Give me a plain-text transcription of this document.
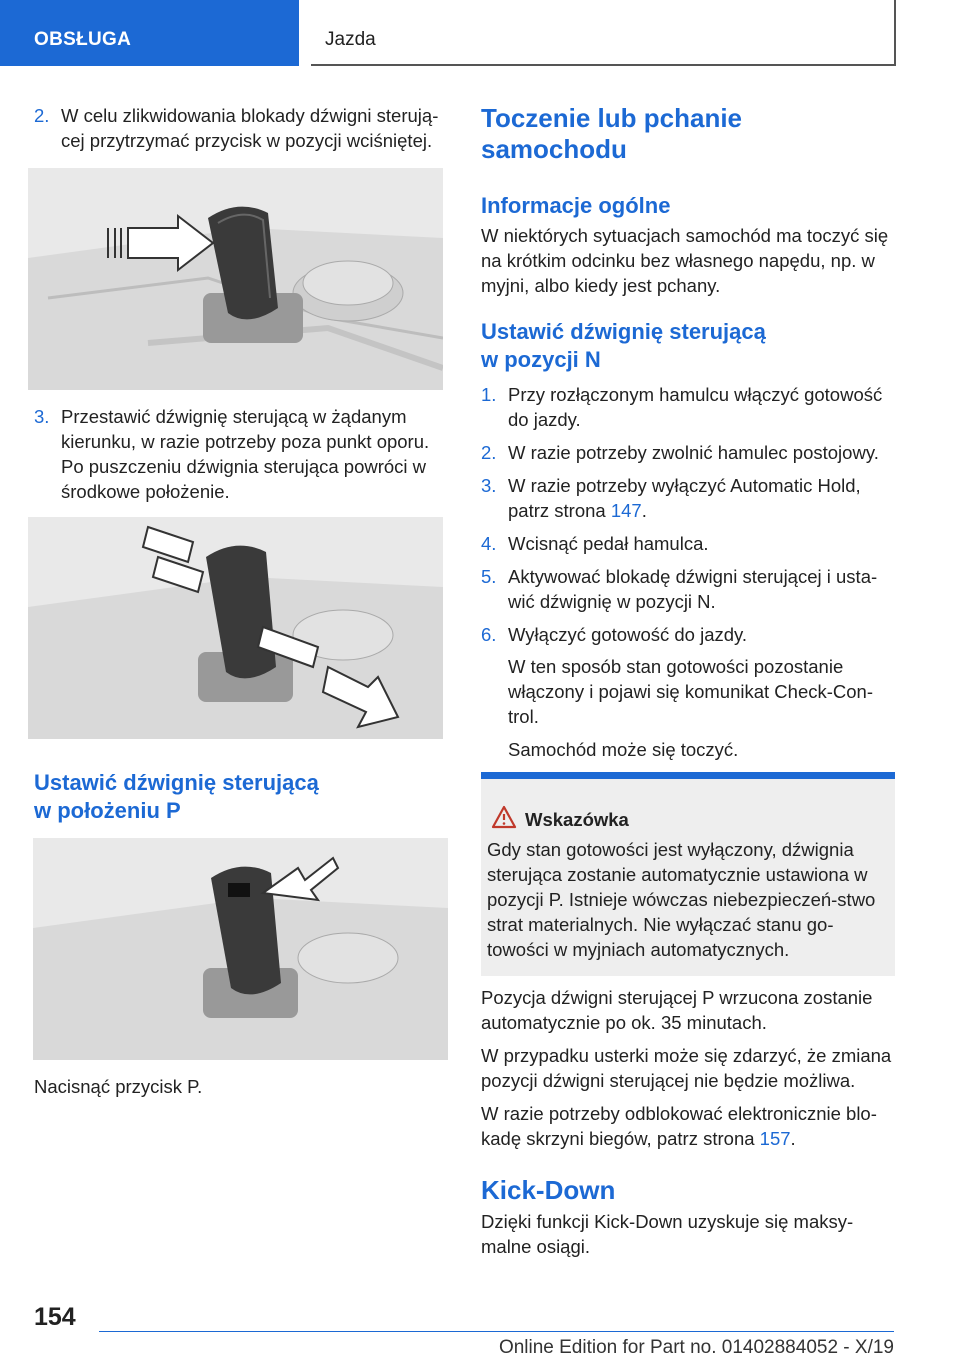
OBSŁUGA	Jazda

2. W celu zlikwidowania blokady dźwigni sterują‐cej przytrzymać przycisk w pozycji wciśniętej.

3. Przestawić dźwignię sterującą w żądanym kierunku, w razie potrzeby poza punkt oporu. Po puszczeniu dźwignia sterująca powróci w środkowe położenie.

Ustawić dźwignię sterującą
w położeniu P

Nacisnąć przycisk P.

Toczenie lub pchanie
samochodu
Informacje ogólne

W niektórych sytuacjach samochód ma toczyć się na krótkim odcinku bez własnego napędu, np. w myjni, albo kiedy jest pchany.

Ustawić dźwignię sterującą
w pozycji N

1. Przy rozłączonym hamulcu włączyć gotowość do jazdy.

2. W razie potrzeby zwolnić hamulec postojowy.

3. W razie potrzeby wyłączyć Automatic Hold, patrz strona 147.

4. Wcisnąć pedał hamulca.

5. Aktywować blokadę dźwigni sterującej i usta‐wić dźwignię w pozycji N.

6. Wyłączyć gotowość do jazdy.

W ten sposób stan gotowości pozostanie włączony i pojawi się komunikat Check-Con‐trol.

Samochód może się toczyć.

Wskazówka
Gdy stan gotowości jest wyłączony, dźwignia sterująca zostanie automatycznie ustawiona w pozycji P. Istnieje wówczas niebezpieczeń‐stwo strat materialnych. Nie wyłączać stanu go‐towości w myjniach automatycznych.

Pozycja dźwigni sterującej P wrzucona zostanie automatycznie po ok. 35 minutach.

W przypadku usterki może się zdarzyć, że zmiana pozycji dźwigni sterującej nie będzie możliwa.

W razie potrzeby odblokować elektronicznie blo‐kadę skrzyni biegów, patrz strona 157.

Kick-Down

Dzięki funkcji Kick-Down uzyskuje się maksy‐malne osiągi.

154
Online Edition for Part no. 01402884052 - X/19
